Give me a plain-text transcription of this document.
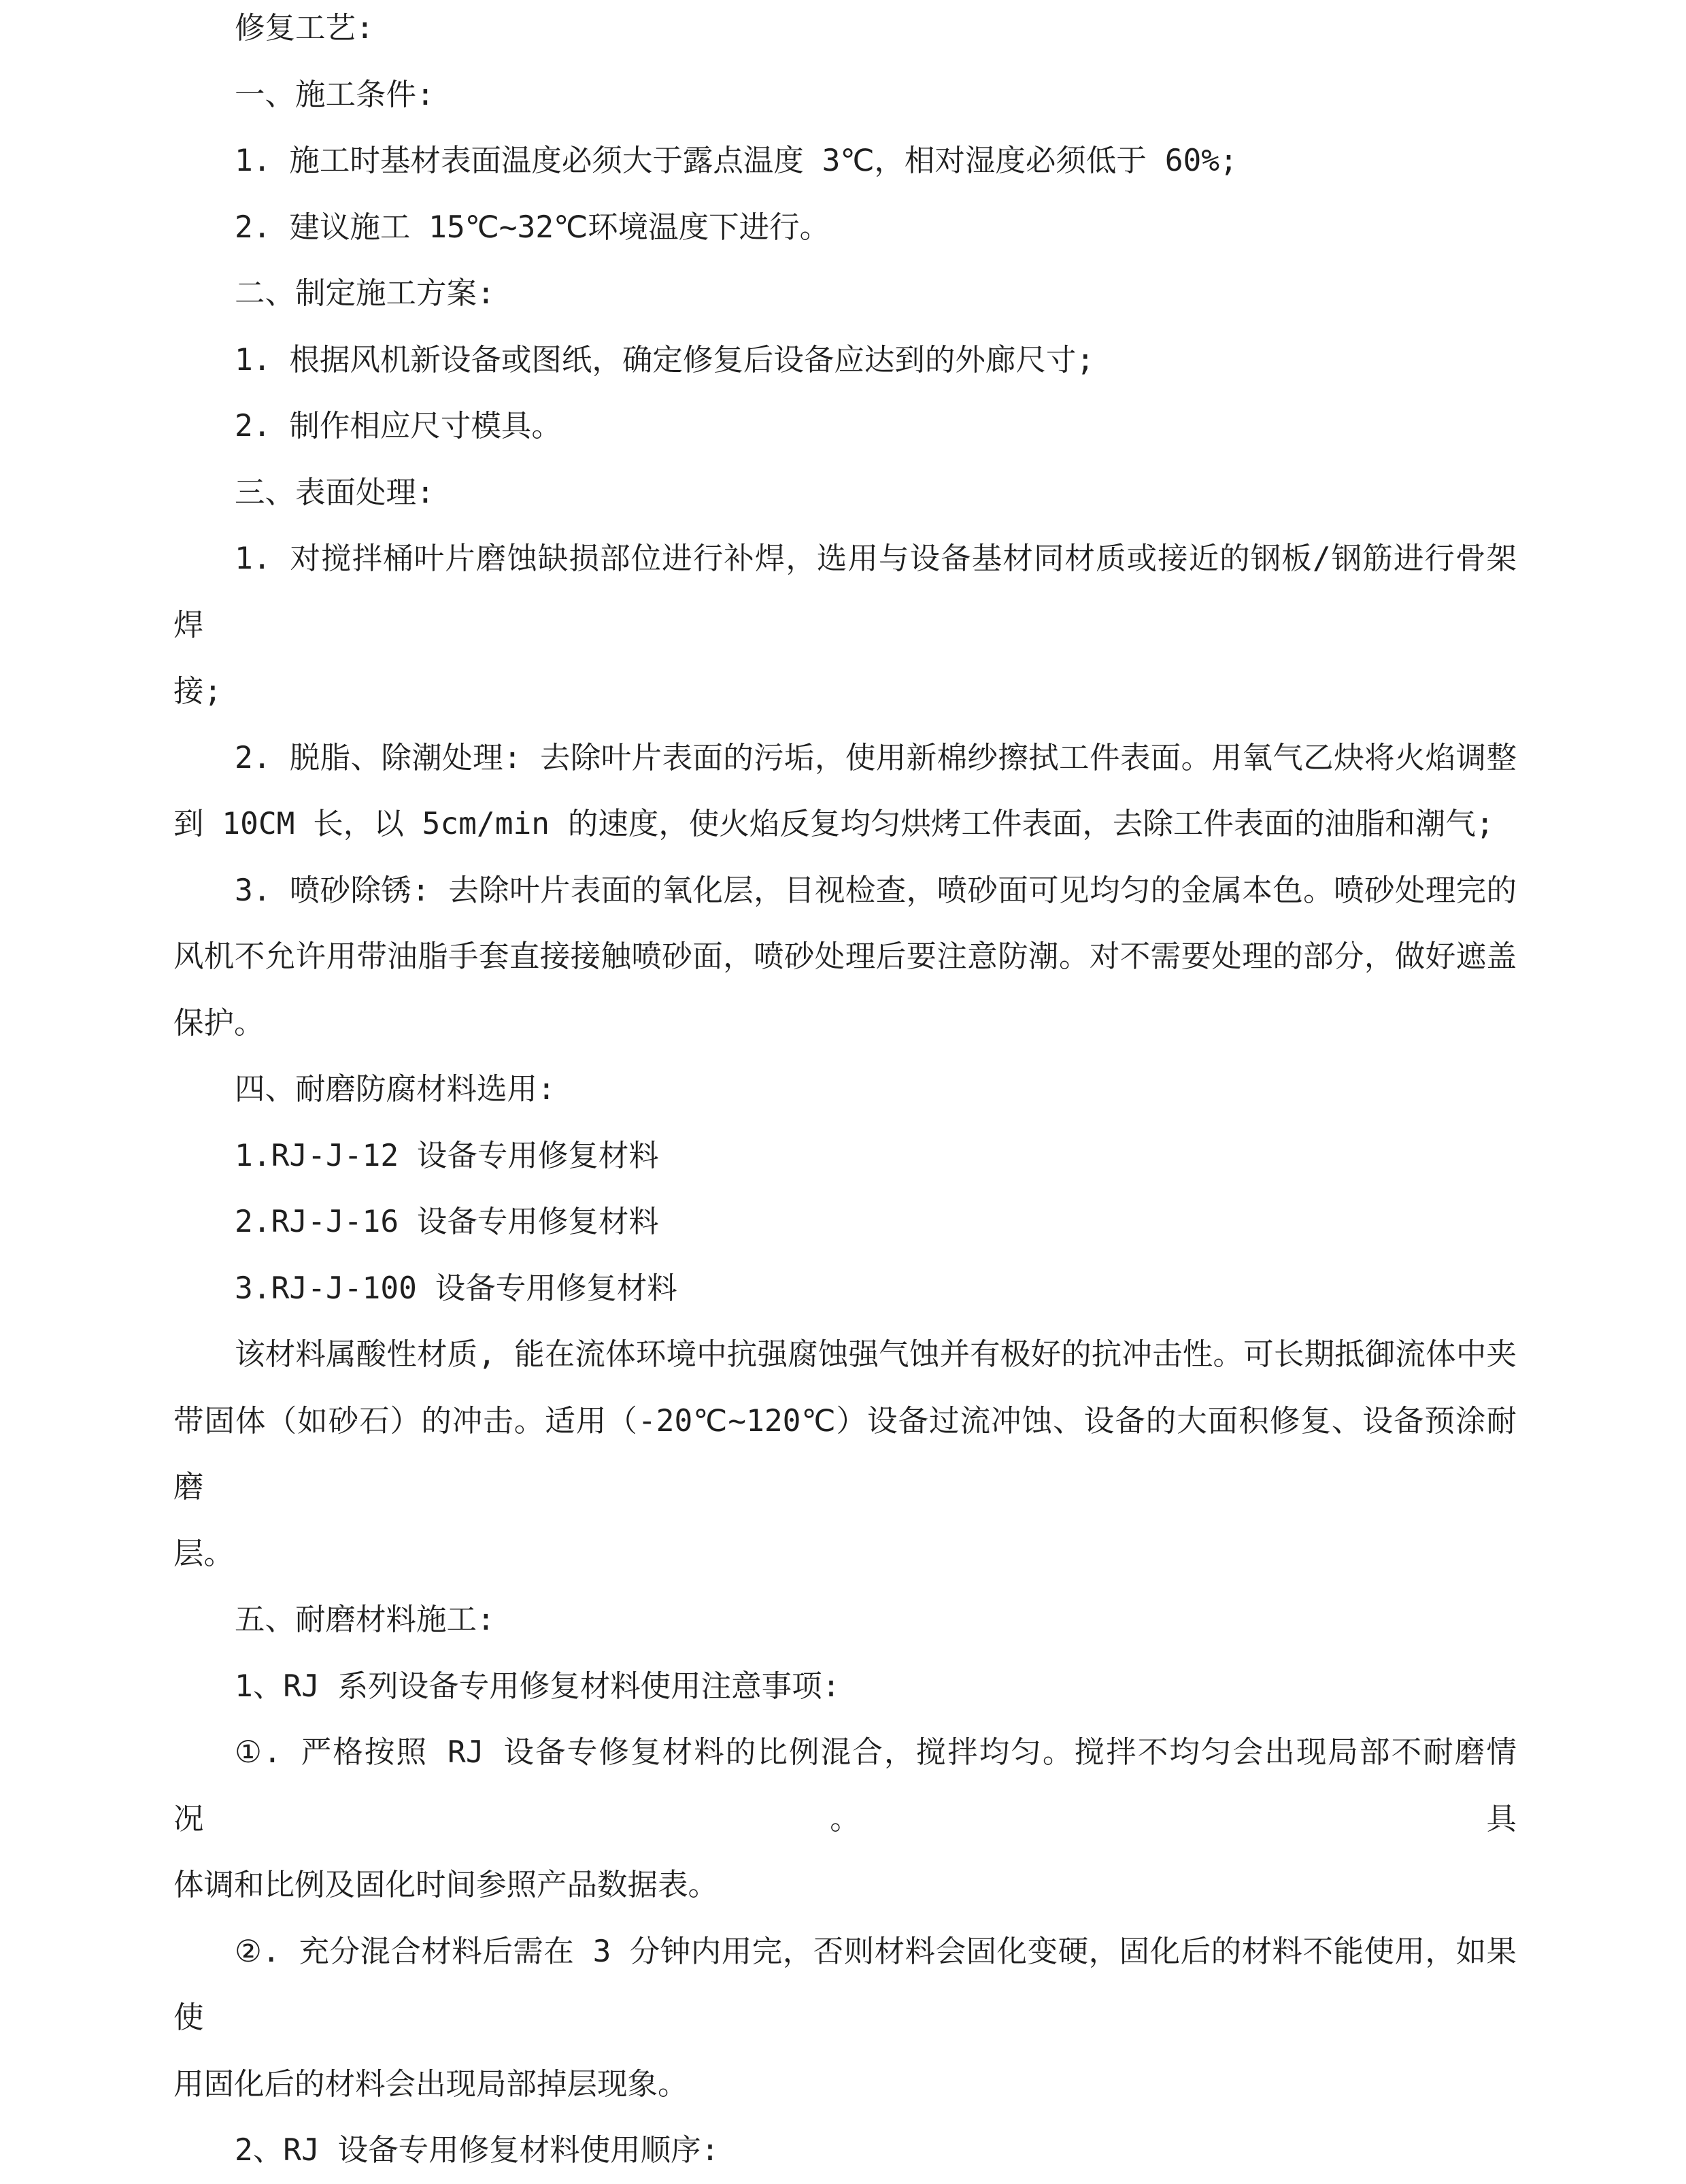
修复工艺:
一、施工条件:
1. 施工时基材表面温度必须大于露点温度 3℃，相对湿度必须低于 60%;
2. 建议施工 15℃~32℃环境温度下进行。
二、制定施工方案:
1. 根据风机新设备或图纸，确定修复后设备应达到的外廊尺寸;
2. 制作相应尺寸模具。
三、表面处理:
1. 对搅拌桶叶片磨蚀缺损部位进行补焊，选用与设备基材同材质或接近的钢板/钢筋进行骨架焊
接;
2. 脱脂、除潮处理: 去除叶片表面的污垢，使用新棉纱擦拭工件表面。用氧气乙炔将火焰调整
到 10CM 长，以 5cm/min 的速度，使火焰反复均匀烘烤工件表面，去除工件表面的油脂和潮气;
3. 喷砂除锈: 去除叶片表面的氧化层，目视检查，喷砂面可见均匀的金属本色。喷砂处理完的
风机不允许用带油脂手套直接接触喷砂面，喷砂处理后要注意防潮。对不需要处理的部分，做好遮盖
保护。
四、耐磨防腐材料选用:
1.RJ-J-12 设备专用修复材料
2.RJ-J-16 设备专用修复材料
3.RJ-J-100 设备专用修复材料
该材料属酸性材质, 能在流体环境中抗强腐蚀强气蚀并有极好的抗冲击性。可长期抵御流体中夹
带固体（如砂石）的冲击。适用（-20℃~120℃）设备过流冲蚀、设备的大面积修复、设备预涂耐磨
层。
五、耐磨材料施工:
1、RJ 系列设备专用修复材料使用注意事项:
①. 严格按照 RJ 设备专修复材料的比例混合，搅拌均匀。搅拌不均匀会出现局部不耐磨情况。具
体调和比例及固化时间参照产品数据表。
②. 充分混合材料后需在 3 分钟内用完，否则材料会固化变硬，固化后的材料不能使用，如果使
用固化后的材料会出现局部掉层现象。
2、RJ 设备专用修复材料使用顺序:
